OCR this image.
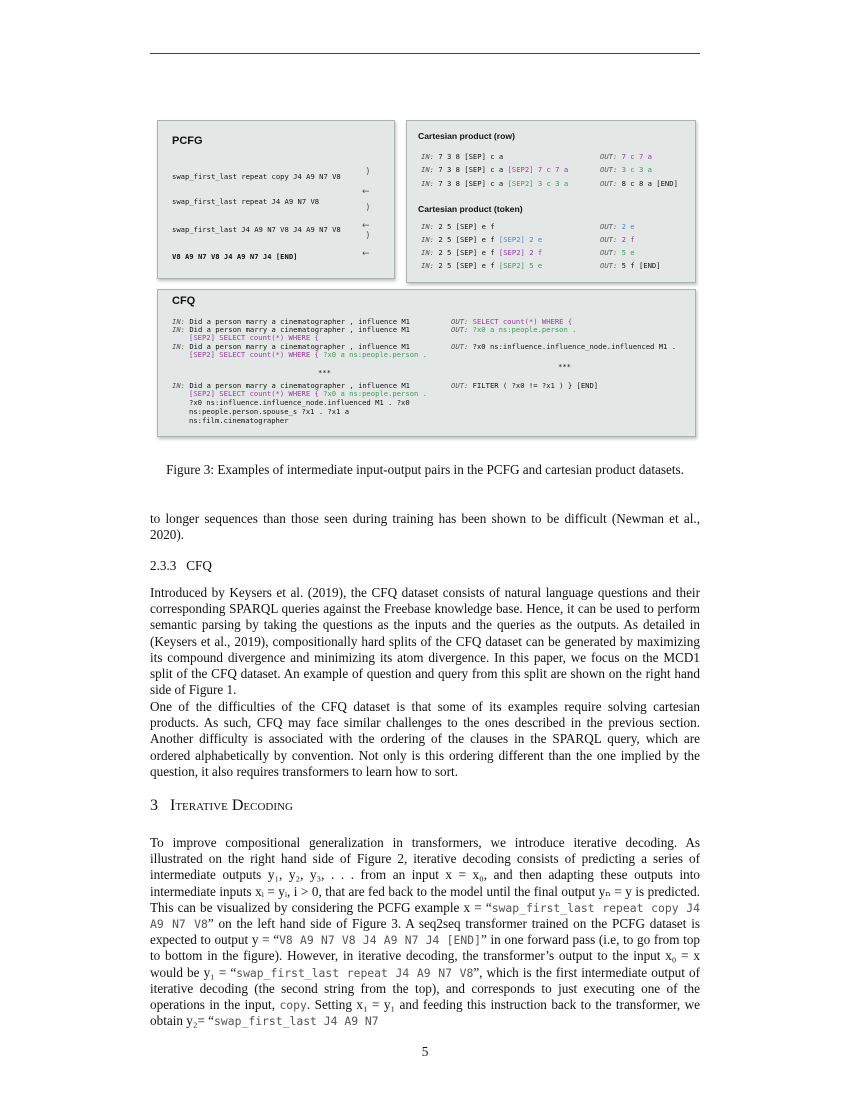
PCFG
swap_first_last repeat copy J4 A9 N7 V8	)
←
swap_first_last repeat J4 A9 N7 V8
)
←
swap_first_last J4 A9 N7 V8 J4 A9 N7 V8
)
←
V8 A9 N7 V8 J4 A9 N7 J4 [END]
Cartesian product (row)
IN: 7 3 8 [SEP] c a	OUT: 7 c 7 a
IN: 7 3 8 [SEP] c a [SEP2] 7 c 7 a	OUT: 3 c 3 a
IN: 7 3 8 [SEP] c a [SEP2] 3 c 3 a	OUT: 8 c 8 a [END]
Cartesian product (token)
IN: 2 5 [SEP] e f	OUT: 2 e
IN: 2 5 [SEP] e f [SEP2] 2 e	OUT: 2 f
IN: 2 5 [SEP] e f [SEP2] 2 f	OUT: 5 e
IN: 2 5 [SEP] e f [SEP2] 5 e	OUT: 5 f [END]
CFQ
IN: Did a person marry a cinematographer , influence M1	OUT: SELECT count(*) WHERE {
IN: Did a person marry a cinematographer , influence M1
[SEP2] SELECT count(*) WHERE {
OUT: ?x0 a ns:people.person .
IN: Did a person marry a cinematographer , influence M1
[SEP2] SELECT count(*) WHERE { ?x0 a ns:people.person .
OUT: ?x0 ns:influence.influence_node.influenced M1 .
***
***
IN: Did a person marry a cinematographer , influence M1
[SEP2] SELECT count(*) WHERE { ?x0 a ns:people.person .
?x0 ns:influence.influence_node.influenced M1 . ?x0
ns:people.person.spouse_s ?x1 . ?x1 a
ns:film.cinematographer
OUT: FILTER ( ?x0 != ?x1 ) } [END]
Figure 3: Examples of intermediate input-output pairs in the PCFG and cartesian product datasets.
to longer sequences than those seen during training has been shown to be difficult (Newman et al., 2020).
2.3.3   CFQ
Introduced by Keysers et al. (2019), the CFQ dataset consists of natural language questions and their corresponding SPARQL queries against the Freebase knowledge base. Hence, it can be used to perform semantic parsing by taking the questions as the inputs and the queries as the outputs. As detailed in (Keysers et al., 2019), compositionally hard splits of the CFQ dataset can be generated by maximizing its compound divergence and minimizing its atom divergence. In this paper, we focus on the MCD1 split of the CFQ dataset. An example of question and query from this split are shown on the right hand side of Figure 1.
One of the difficulties of the CFQ dataset is that some of its examples require solving cartesian products. As such, CFQ may face similar challenges to the ones described in the previous section. Another difficulty is associated with the ordering of the clauses in the SPARQL query, which are ordered alphabetically by convention. Not only is this ordering different than the one implied by the question, it also requires transformers to learn how to sort.
3 Iterative Decoding
To improve compositional generalization in transformers, we introduce iterative decoding. As illustrated on the right hand side of Figure 2, iterative decoding consists of predicting a series of intermediate outputs y₁, y₂, y₃, . . . from an input x = x₀, and then adapting these outputs into intermediate inputs xᵢ = yᵢ, i > 0, that are fed back to the model until the final output yₙ = y is predicted. This can be visualized by considering the PCFG example x = “swap_first_last repeat copy J4 A9 N7 V8” on the left hand side of Figure 3. A seq2seq transformer trained on the PCFG dataset is expected to output y = “V8 A9 N7 V8 J4 A9 N7 J4 [END]” in one forward pass (i.e, to go from top to bottom in the figure). However, in iterative decoding, the transformer’s output to the input x₀ = x would be y₁ = “swap_first_last repeat J4 A9 N7 V8”, which is the first intermediate output of iterative decoding (the second string from the top), and corresponds to just executing one of the operations in the input, copy. Setting x₁ = y₁ and feeding this instruction back to the transformer, we obtain y₂= “swap_first_last J4 A9 N7
5
